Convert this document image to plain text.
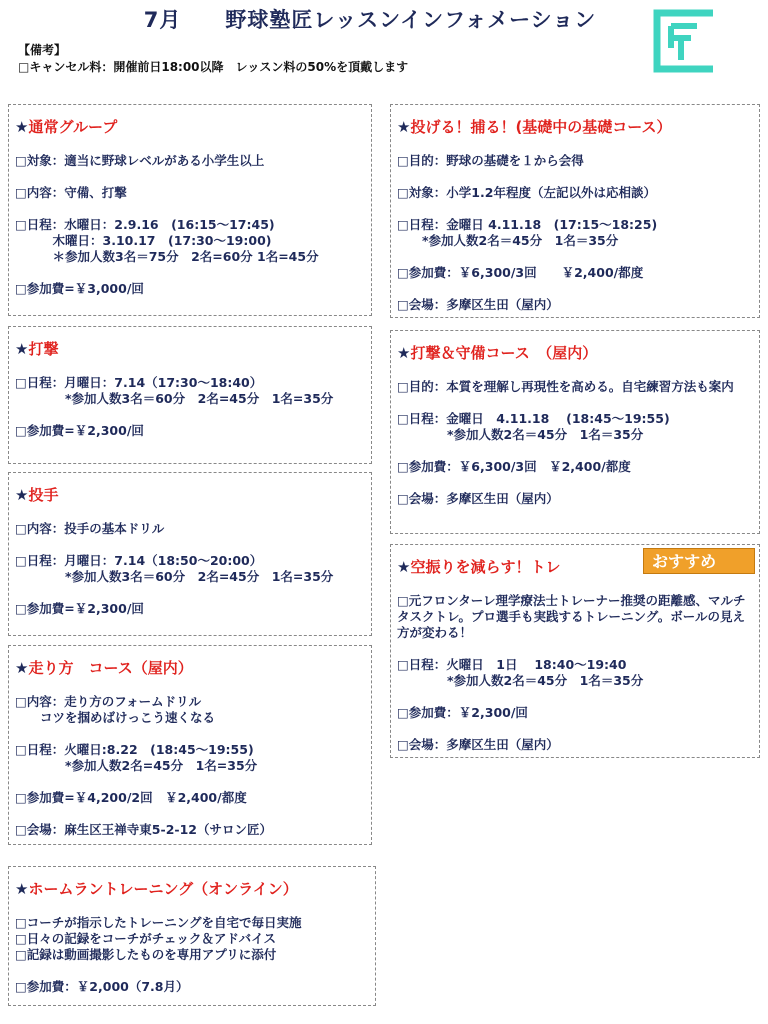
7月　　野球塾匠レッスンインフォメーション
【備考】
□キャンセル料：開催前日18:00以降　レッスン料の50%を頂戴します
★通常グループ

□対象：適当に野球レベルがある小学生以上

□内容：守備、打撃

□日程：水曜日：2.9.16　(16:15〜17:45)
　　　木曜日：3.10.17　(17:30〜19:00)
　　　＊参加人数3名＝75分　2名=60分 1名=45分

□参加費=￥3,000/回

★打撃

□日程：月曜日：7.14（17:30〜18:40）
　　　　*参加人数3名＝60分　2名=45分　1名=35分

□参加費=￥2,300/回

★投手

□内容：投手の基本ドリル

□日程：月曜日：7.14（18:50〜20:00）
　　　　*参加人数3名＝60分　2名=45分　1名=35分

□参加費=￥2,300/回

★走り方　コース（屋内）

□内容：走り方のフォームドリル
　　コツを掴めばけっこう速くなる

□日程：火曜日:8.22　(18:45〜19:55)
　　　　*参加人数2名=45分　1名=35分

□参加費=￥4,200/2回　￥2,400/都度

□会場：麻生区王禅寺東5-2-12（サロン匠）

★ホームラントレーニング（オンライン）

□コーチが指示したトレーニングを自宅で毎日実施
□日々の記録をコーチがチェック＆アドバイス
□記録は動画撮影したものを専用アプリに添付

□参加費：￥2,000（7.8月）

★投げる！捕る！(基礎中の基礎コース）

□目的：野球の基礎を１から会得

□対象：小学1.2年程度（左記以外は応相談）

□日程：金曜日 4.11.18　(17:15〜18:25)
　　*参加人数2名＝45分　1名＝35分

□参加費：￥6,300/3回　　￥2,400/都度

□会場：多摩区生田（屋内）

★打撃＆守備コース　（屋内）

□目的：本質を理解し再現性を高める。自宅練習方法も案内

□日程：金曜日　4.11.18　 (18:45〜19:55)
　　　　*参加人数2名＝45分　1名＝35分

□参加費：￥6,300/3回　￥2,400/都度

□会場：多摩区生田（屋内）

★空振りを減らす！トレ

□元フロンターレ理学療法士トレーナー推奨の距離感、マルチタスクトレ。プロ選手も実践するトレーニング。ボールの見え方が変わる！

□日程：火曜日　1日　 18:40〜19:40
　　　　*参加人数2名＝45分　1名＝35分

□参加費：￥2,300/回

□会場：多摩区生田（屋内）

おすすめ
